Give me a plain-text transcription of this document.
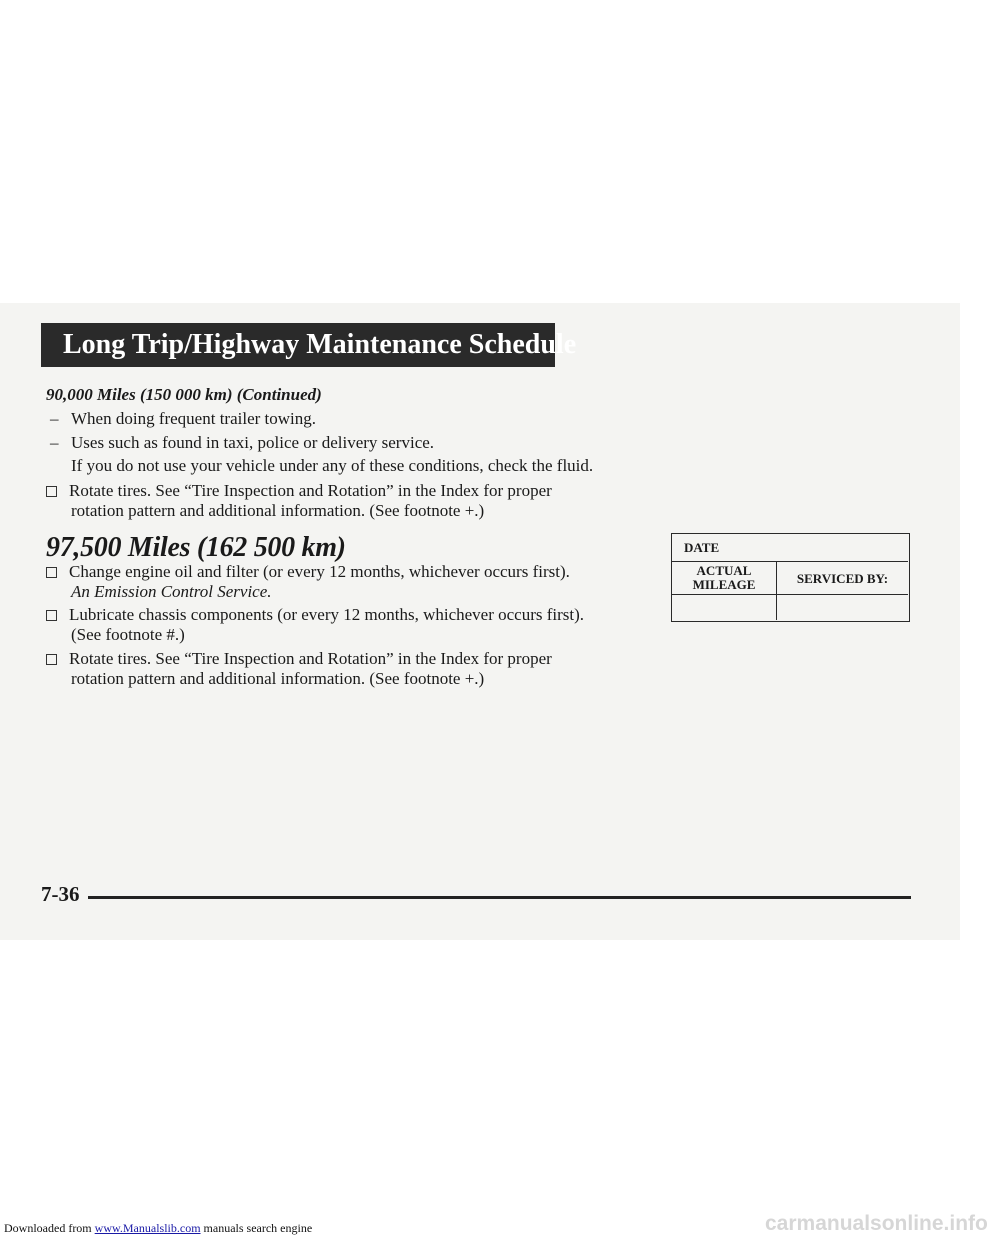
Long Trip/Highway Maintenance Schedule
90,000 Miles (150 000 km) (Continued)
– When doing frequent trailer towing.
– Uses such as found in taxi, police or delivery service.
If you do not use your vehicle under any of these conditions, check the fluid.
Rotate tires. See “Tire Inspection and Rotation” in the Index for proper
rotation pattern and additional information. (See footnote +.)
97,500 Miles (162 500 km)
Change engine oil and filter (or every 12 months, whichever occurs first).
An Emission Control Service.
Lubricate chassis components (or every 12 months, whichever occurs first).
(See footnote #.)
Rotate tires. See “Tire Inspection and Rotation” in the Index for proper
rotation pattern and additional information. (See footnote +.)
DATE
ACTUAL
MILEAGE	SERVICED BY:
7-36
Downloaded from www.Manualslib.com manuals search engine	carmanualsonline.info
